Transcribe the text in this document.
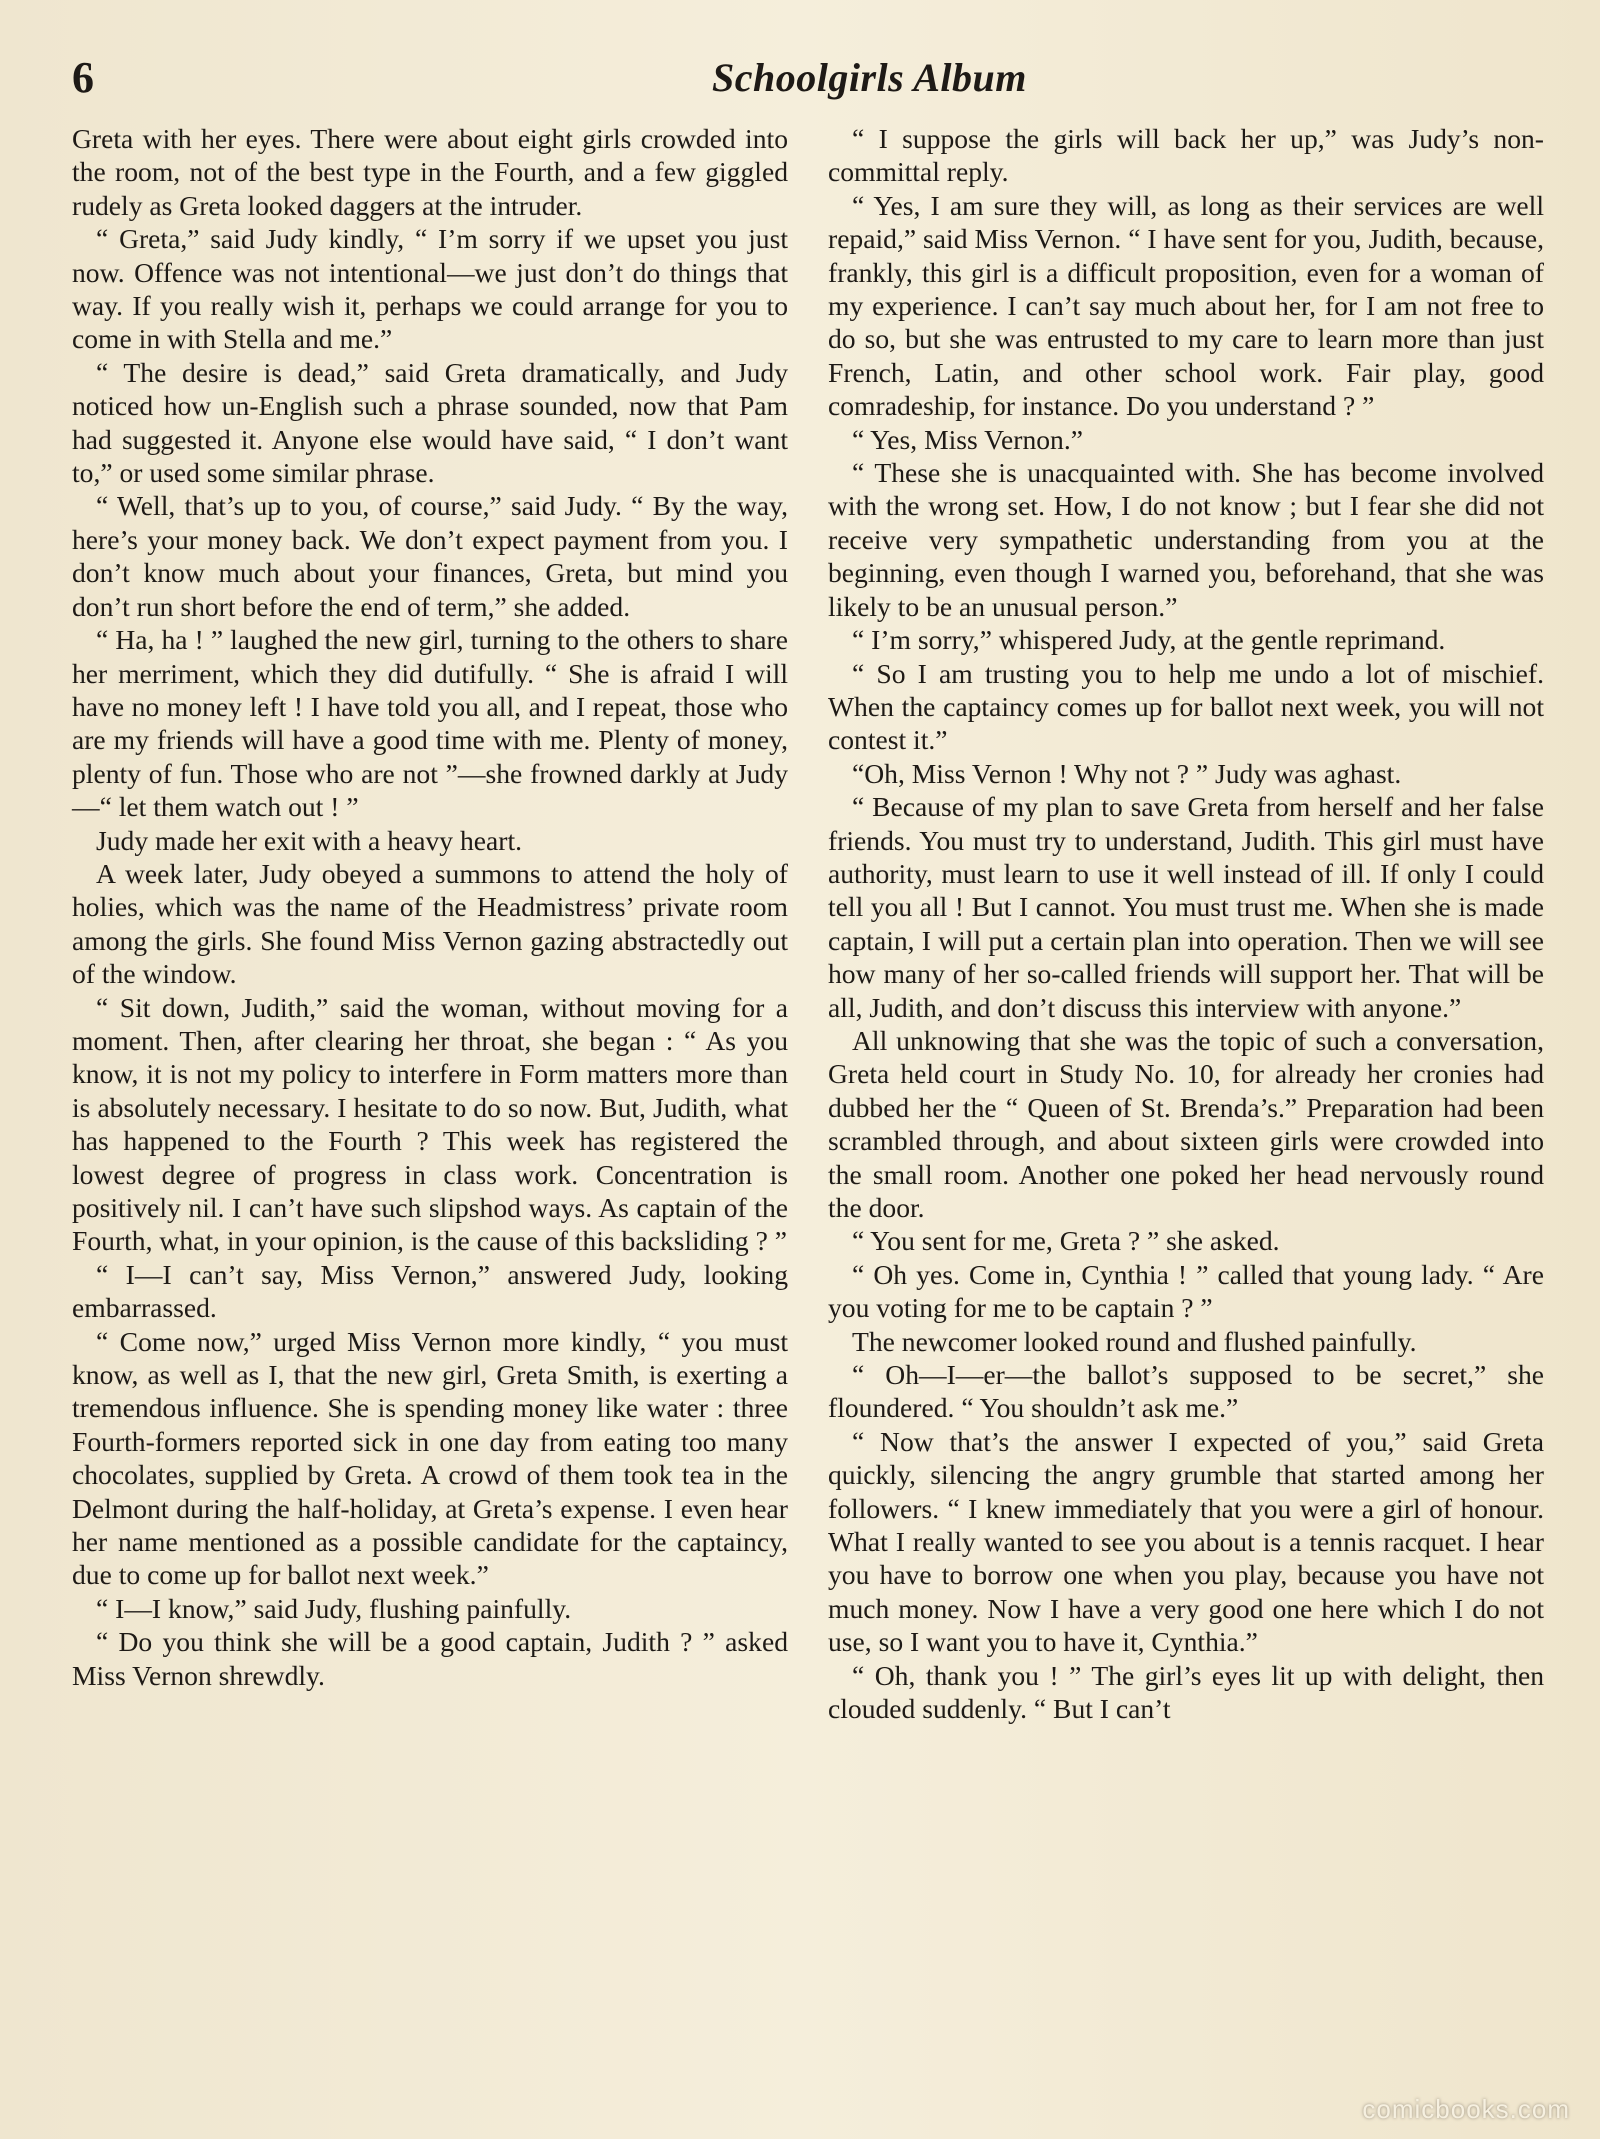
6	Schoolgirls Album

Greta with her eyes. There were about eight girls crowded into the room, not of the best type in the Fourth, and a few giggled rudely as Greta looked daggers at the intruder.

“ Greta,” said Judy kindly, “ I’m sorry if we upset you just now. Offence was not intentional—we just don’t do things that way. If you really wish it, perhaps we could arrange for you to come in with Stella and me.”

“ The desire is dead,” said Greta dramatically, and Judy noticed how un-English such a phrase sounded, now that Pam had suggested it. Anyone else would have said, “ I don’t want to,” or used some similar phrase.

“ Well, that’s up to you, of course,” said Judy. “ By the way, here’s your money back. We don’t expect payment from you. I don’t know much about your finances, Greta, but mind you don’t run short before the end of term,” she added.

“ Ha, ha ! ” laughed the new girl, turning to the others to share her merriment, which they did dutifully. “ She is afraid I will have no money left ! I have told you all, and I repeat, those who are my friends will have a good time with me. Plenty of money, plenty of fun. Those who are not ”—she frowned darkly at Judy—“ let them watch out ! ”

Judy made her exit with a heavy heart.

A week later, Judy obeyed a summons to attend the holy of holies, which was the name of the Headmistress’ private room among the girls. She found Miss Vernon gazing abstractedly out of the window.

“ Sit down, Judith,” said the woman, without moving for a moment. Then, after clearing her throat, she began : “ As you know, it is not my policy to interfere in Form matters more than is absolutely necessary. I hesitate to do so now. But, Judith, what has happened to the Fourth ? This week has registered the lowest degree of progress in class work. Concentration is positively nil. I can’t have such slipshod ways. As captain of the Fourth, what, in your opinion, is the cause of this backsliding ? ”

“ I—I can’t say, Miss Vernon,” answered Judy, looking embarrassed.

“ Come now,” urged Miss Vernon more kindly, “ you must know, as well as I, that the new girl, Greta Smith, is exerting a tremendous influence. She is spending money like water : three Fourth-formers reported sick in one day from eating too many chocolates, supplied by Greta. A crowd of them took tea in the Delmont during the half-holiday, at Greta’s expense. I even hear her name mentioned as a possible candidate for the captaincy, due to come up for ballot next week.”

“ I—I know,” said Judy, flushing painfully.

“ Do you think she will be a good captain, Judith ? ” asked Miss Vernon shrewdly.

“ I suppose the girls will back her up,” was Judy’s non-committal reply.

“ Yes, I am sure they will, as long as their services are well repaid,” said Miss Vernon. “ I have sent for you, Judith, because, frankly, this girl is a difficult proposition, even for a woman of my experience. I can’t say much about her, for I am not free to do so, but she was entrusted to my care to learn more than just French, Latin, and other school work. Fair play, good comradeship, for instance. Do you understand ? ”

“ Yes, Miss Vernon.”

“ These she is unacquainted with. She has become involved with the wrong set. How, I do not know ; but I fear she did not receive very sympathetic understanding from you at the beginning, even though I warned you, beforehand, that she was likely to be an unusual person.”

“ I’m sorry,” whispered Judy, at the gentle reprimand.

“ So I am trusting you to help me undo a lot of mischief. When the captaincy comes up for ballot next week, you will not contest it.”

“Oh, Miss Vernon ! Why not ? ” Judy was aghast.

“ Because of my plan to save Greta from herself and her false friends. You must try to understand, Judith. This girl must have authority, must learn to use it well instead of ill. If only I could tell you all ! But I cannot. You must trust me. When she is made captain, I will put a certain plan into operation. Then we will see how many of her so-called friends will support her. That will be all, Judith, and don’t discuss this interview with anyone.”

All unknowing that she was the topic of such a conversation, Greta held court in Study No. 10, for already her cronies had dubbed her the “ Queen of St. Brenda’s.” Preparation had been scrambled through, and about sixteen girls were crowded into the small room. Another one poked her head nervously round the door.

“ You sent for me, Greta ? ” she asked.

“ Oh yes. Come in, Cynthia ! ” called that young lady. “ Are you voting for me to be captain ? ”

The newcomer looked round and flushed painfully.

“ Oh—I—er—the ballot’s supposed to be secret,” she floundered. “ You shouldn’t ask me.”

“ Now that’s the answer I expected of you,” said Greta quickly, silencing the angry grumble that started among her followers. “ I knew immediately that you were a girl of honour. What I really wanted to see you about is a tennis racquet. I hear you have to borrow one when you play, because you have not much money. Now I have a very good one here which I do not use, so I want you to have it, Cynthia.”

“ Oh, thank you ! ” The girl’s eyes lit up with delight, then clouded suddenly. “ But I can’t

comicbooks.com
